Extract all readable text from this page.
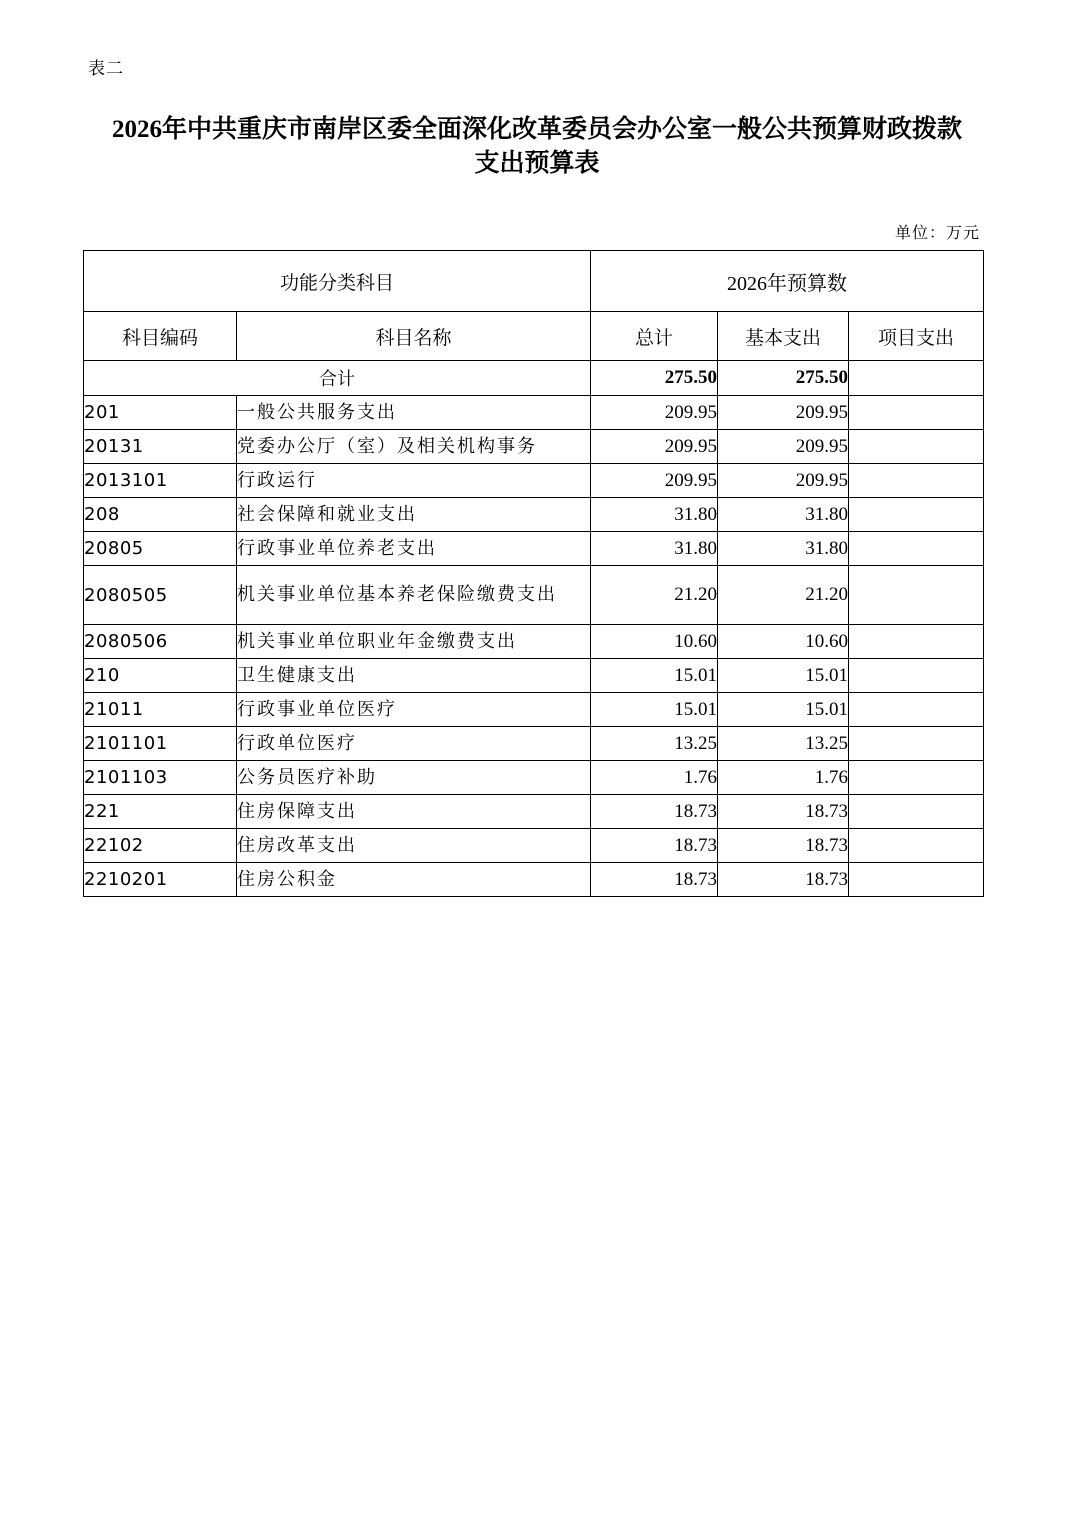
表二
2026年中共重庆市南岸区委全面深化改革委员会办公室一般公共预算财政拨款
支出预算表
单位：万元
功能分类科目		2026年预算数		
科目编码	科目名称	总计	基本支出	项目支出
合计		275.50	275.50	
201	一般公共服务支出	209.95	209.95	
20131	党委办公厅（室）及相关机构事务	209.95	209.95	
2013101	行政运行	209.95	209.95	
208	社会保障和就业支出	31.80	31.80	
20805	行政事业单位养老支出	31.80	31.80	
2080505	机关事业单位基本养老保险缴费支出	21.20	21.20	
2080506	机关事业单位职业年金缴费支出	10.60	10.60	
210	卫生健康支出	15.01	15.01	
21011	行政事业单位医疗	15.01	15.01	
2101101	行政单位医疗	13.25	13.25	
2101103	公务员医疗补助	1.76	1.76	
221	住房保障支出	18.73	18.73	
22102	住房改革支出	18.73	18.73	
2210201	住房公积金	18.73	18.73	
